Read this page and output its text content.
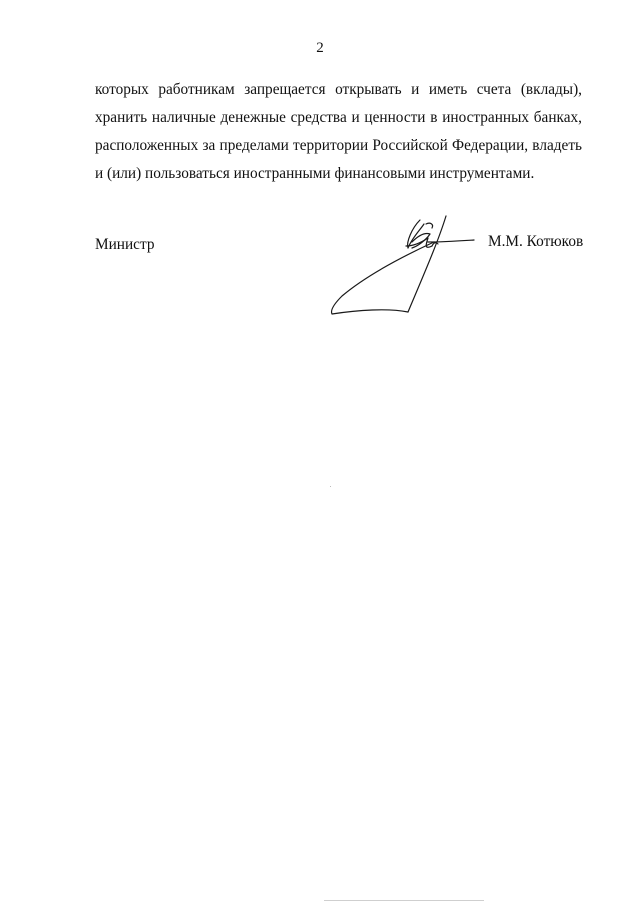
2
которых работникам запрещается открывать и иметь счета (вклады),
хранить наличные денежные средства и ценности в иностранных банках,
расположенных за пределами территории Российской Федерации, владеть
и (или) пользоваться иностранными финансовыми инструментами.
Министр	М.М. Котюков
